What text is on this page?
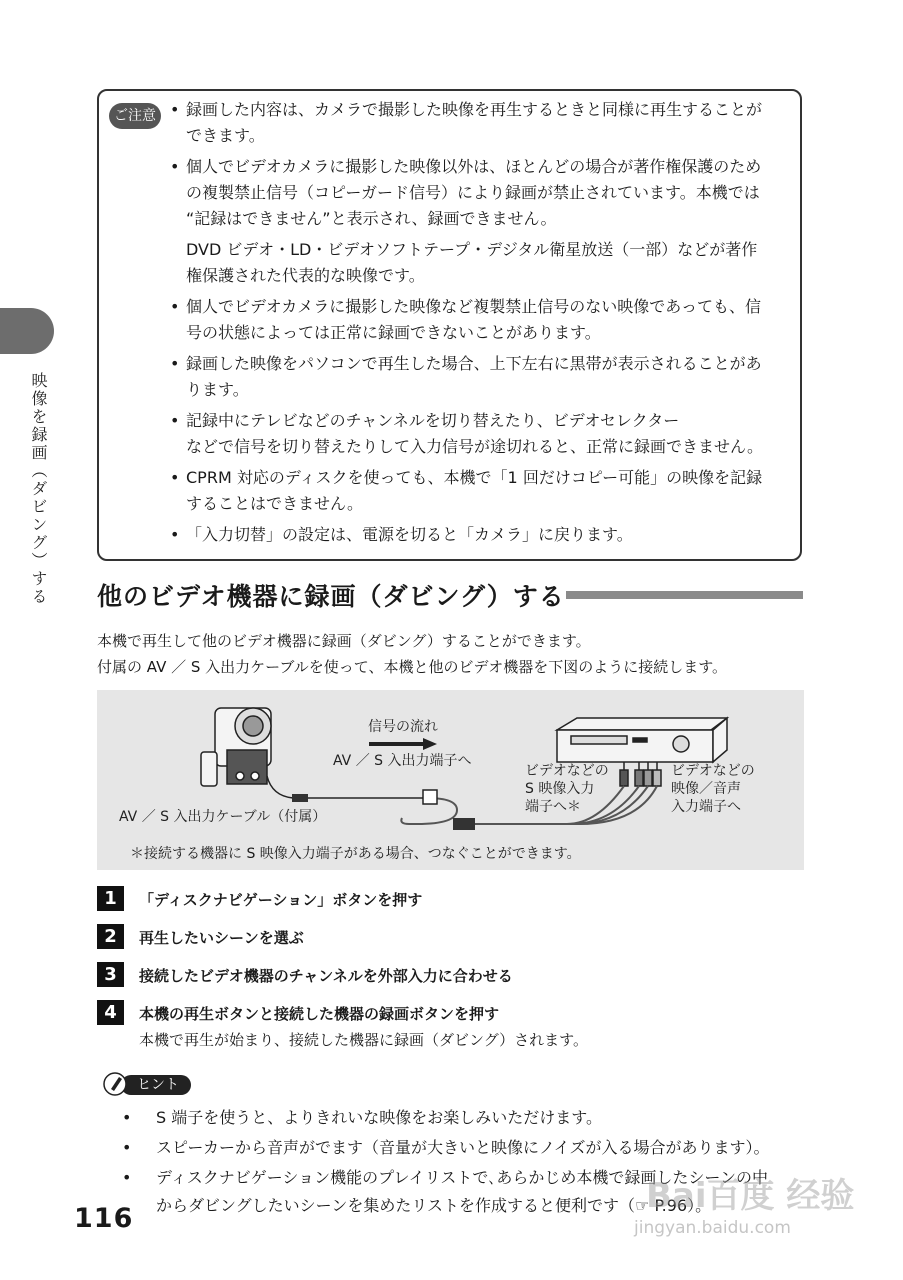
映像を録画（ダビング）する
ご注意
•	録画した内容は、カメラで撮影した映像を再生するときと同様に再生することが
できます。
• 個人でビデオカメラに撮影した映像以外は、ほとんどの場合が著作権保護のため
の複製禁止信号（コピーガード信号）により録画が禁止されています。本機では
“記録はできません”と表示され、録画できません。
DVD ビデオ・LD・ビデオソフトテープ・デジタル衛星放送（一部）などが著作
権保護された代表的な映像です。
• 個人でビデオカメラに撮影した映像など複製禁止信号のない映像であっても、信
号の状態によっては正常に録画できないことがあります。
• 録画した映像をパソコンで再生した場合、上下左右に黒帯が表示されることがあ
ります。
• 記録中にテレビなどのチャンネルを切り替えたり、ビデオセレクター
などで信号を切り替えたりして入力信号が途切れると、正常に録画できません。
• CPRM 対応のディスクを使っても、本機で「1 回だけコピー可能」の映像を記録
することはできません。
• 「入力切替」の設定は、電源を切ると「カメラ」に戻ります。
他のビデオ機器に録画（ダビング）する
本機で再生して他のビデオ機器に録画（ダビング）することができます。
付属の AV ／ S 入出力ケーブルを使って、本機と他のビデオ機器を下図のように接続します。
信号の流れ
AV ／ S 入出力端子へ
ビデオなどの
S 映像入力
端子へ＊
ビデオなどの
映像／音声
入力端子へ
AV ／ S 入出力ケーブル（付属）
＊接続する機器に S 映像入力端子がある場合、つなぐことができます。
1	「ディスクナビゲーション」ボタンを押す
2	再生したいシーンを選ぶ
3	接続したビデオ機器のチャンネルを外部入力に合わせる
4	本機の再生ボタンと接続した機器の録画ボタンを押す
本機で再生が始まり、接続した機器に録画（ダビング）されます。
ヒント
• S 端子を使うと、よりきれいな映像をお楽しみいただけます。
• スピーカーから音声がでます（音量が大きいと映像にノイズが入る場合があります）。
• ディスクナビゲーション機能のプレイリストで､あらかじめ本機で録画したシーンの中
からダビングしたいシーンを集めたリストを作成すると便利です（☞ P.96）。
116
Bai百度 经验
jingyan.baidu.com
